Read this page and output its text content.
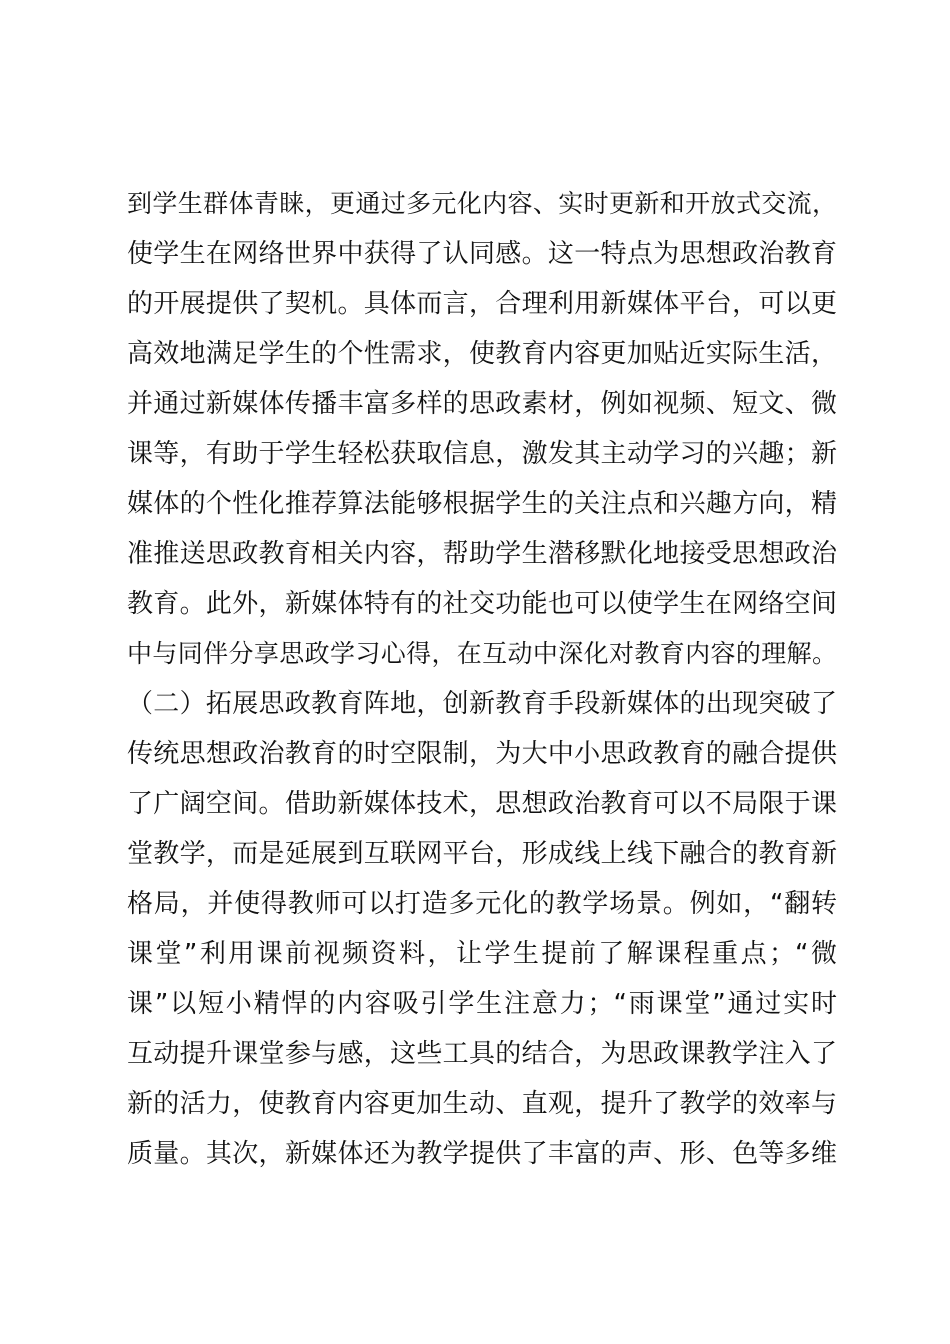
到学生群体青睐，更通过多元化内容、实时更新和开放式交流，
使学生在网络世界中获得了认同感。这一特点为思想政治教育
的开展提供了契机。具体而言，合理利用新媒体平台，可以更
高效地满足学生的个性需求，使教育内容更加贴近实际生活，
并通过新媒体传播丰富多样的思政素材，例如视频、短文、微
课等，有助于学生轻松获取信息，激发其主动学习的兴趣；新
媒体的个性化推荐算法能够根据学生的关注点和兴趣方向，精
准推送思政教育相关内容，帮助学生潜移默化地接受思想政治
教育。此外，新媒体特有的社交功能也可以使学生在网络空间
中与同伴分享思政学习心得，在互动中深化对教育内容的理解。
（二）拓展思政教育阵地，创新教育手段新媒体的出现突破了
传统思想政治教育的时空限制，为大中小思政教育的融合提供
了广阔空间。借助新媒体技术，思想政治教育可以不局限于课
堂教学，而是延展到互联网平台，形成线上线下融合的教育新
格局，并使得教师可以打造多元化的教学场景。例如，“翻转
课堂”利用课前视频资料，让学生提前了解课程重点；“微
课”以短小精悍的内容吸引学生注意力；“雨课堂”通过实时
互动提升课堂参与感，这些工具的结合，为思政课教学注入了
新的活力，使教育内容更加生动、直观，提升了教学的效率与
质量。其次，新媒体还为教学提供了丰富的声、形、色等多维
